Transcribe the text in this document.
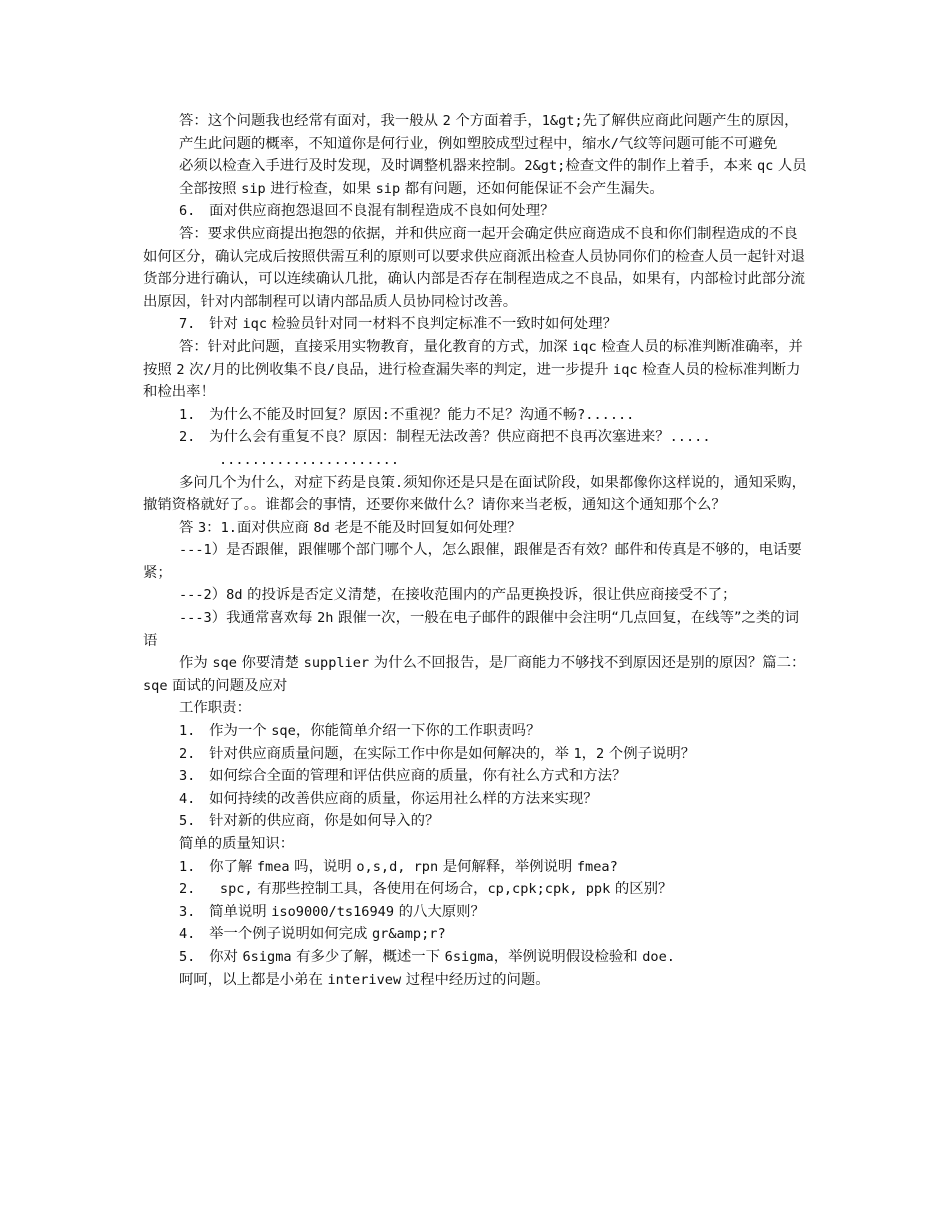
答：这个问题我也经常有面对，我一般从 2 个方面着手，1&gt;先了解供应商此问题产生的原因，
产生此问题的概率，不知道你是何行业，例如塑胶成型过程中，缩水/气纹等问题可能不可避免
必须以检查入手进行及时发现，及时调整机器来控制。2&gt;检查文件的制作上着手，本来 qc 人员
全部按照 sip 进行检查，如果 sip 都有问题，还如何能保证不会产生漏失。
6.   面对供应商抱怨退回不良混有制程造成不良如何处理？
答：要求供应商提出抱怨的依据，并和供应商一起开会确定供应商造成不良和你们制程造成的不良如何区分，确认完成后按照供需互利的原则可以要求供应商派出检查人员协同你们的检查人员一起针对退货部分进行确认，可以连续确认几批，确认内部是否存在制程造成之不良品，如果有，内部检讨此部分流出原因，针对内部制程可以请内部品质人员协同检讨改善。
7.   针对 iqc 检验员针对同一材料不良判定标准不一致时如何处理？
答：针对此问题，直接采用实物教育，量化教育的方式，加深 iqc 检查人员的标准判断准确率，并按照 2 次/月的比例收集不良/良品，进行检查漏失率的判定，进一步提升 iqc 检查人员的检标准判断力和检出率！
1.   为什么不能及时回复？原因:不重视？能力不足？沟通不畅?......
2.   为什么会有重复不良？原因：制程无法改善？供应商把不良再次塞进来？..... ......................
多问几个为什么，对症下药是良策.须知你还是只是在面试阶段，如果都像你这样说的，通知采购，撤销资格就好了。。谁都会的事情，还要你来做什么？请你来当老板，通知这个通知那个么？
答 3：1.面对供应商 8d 老是不能及时回复如何处理？
---1）是否跟催，跟催哪个部门哪个人，怎么跟催，跟催是否有效？邮件和传真是不够的，电话要紧；
---2）8d 的投诉是否定义清楚，在接收范围内的产品更换投诉，很让供应商接受不了；
---3）我通常喜欢每 2h 跟催一次，一般在电子邮件的跟催中会注明“几点回复，在线等”之类的词语
作为 sqe 你要清楚 supplier 为什么不回报告，是厂商能力不够找不到原因还是别的原因？篇二：sqe 面试的问题及应对
工作职责：
1.   作为一个 sqe，你能简单介绍一下你的工作职责吗？
2.   针对供应商质量问题，在实际工作中你是如何解决的，举 1，2 个例子说明？
3.   如何综合全面的管理和评估供应商的质量，你有社么方式和方法？
4.   如何持续的改善供应商的质量，你运用社么样的方法来实现？
5.   针对新的供应商，你是如何导入的？
简单的质量知识：
1.   你了解 fmea 吗，说明 o,s,d, rpn 是何解释，举例说明 fmea?
2.   spc, 有那些控制工具，各使用在何场合，cp,cpk;cpk, ppk 的区别？
3.   简单说明 iso9000/ts16949 的八大原则？
4.   举一个例子说明如何完成 gr&amp;r?
5.   你对 6sigma 有多少了解，概述一下 6sigma，举例说明假设检验和 doe.
呵呵，以上都是小弟在 interivew 过程中经历过的问题。
